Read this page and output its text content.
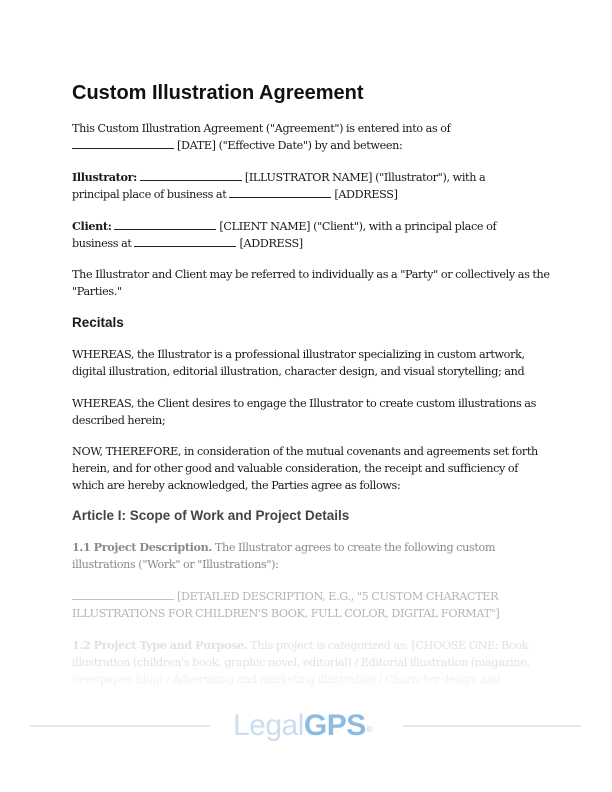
Custom Illustration Agreement

This Custom Illustration Agreement ("Agreement") is entered into as of
[DATE] ("Effective Date") by and between:

Illustrator:	[ILLUSTRATOR NAME] ("Illustrator"), with a
principal place of business at	[ADDRESS]

Client:	[CLIENT NAME] ("Client"), with a principal place of
business at	[ADDRESS]

The Illustrator and Client may be referred to individually as a "Party" or collectively as the "Parties."

Recitals

WHEREAS, the Illustrator is a professional illustrator specializing in custom artwork, digital illustration, editorial illustration, character design, and visual storytelling; and

WHEREAS, the Client desires to engage the Illustrator to create custom illustrations as described herein;

NOW, THEREFORE, in consideration of the mutual covenants and agreements set forth herein, and for other good and valuable consideration, the receipt and sufficiency of which are hereby acknowledged, the Parties agree as follows:

Article I: Scope of Work and Project Details

1.1 Project Description. The Illustrator agrees to create the following custom illustrations ("Work" or "Illustrations"):

[DETAILED DESCRIPTION, E.G., "5 CUSTOM CHARACTER ILLUSTRATIONS FOR CHILDREN'S BOOK, FULL COLOR, DIGITAL FORMAT"]

1.2 Project Type and Purpose. This project is categorized as: [CHOOSE ONE: Book
illustration (children's book, graphic novel, editorial) / Editorial illustration (magazine,
newspaper, blog) / Advertising and marketing illustration / Character design and

LegalGPS®
